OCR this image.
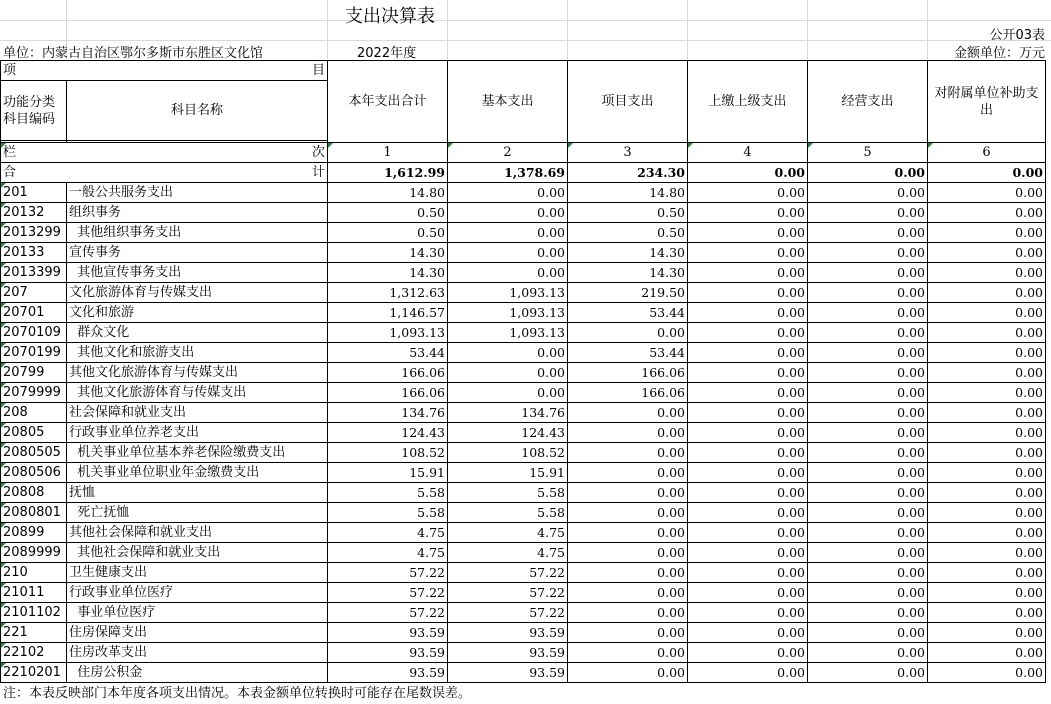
支出决算表
公开03表
单位：内蒙古自治区鄂尔多斯市东胜区文化馆	2022年度	金额单位：万元
项 目		本年支出合计	基本支出	项目支出	上缴上级支出	经营支出	对附属单位补助支出
功能分类科目编码	科目名称						

栏 次		1	2	3	4	5	6

合 计		1,612.99	1,378.69	234.30	0.00	0.00	0.00
201	一般公共服务支出	14.80	0.00	14.80	0.00	0.00	0.00
20132	组织事务	0.50	0.00	0.50	0.00	0.00	0.00
2013299	其他组织事务支出	0.50	0.00	0.50	0.00	0.00	0.00
20133	宣传事务	14.30	0.00	14.30	0.00	0.00	0.00
2013399	其他宣传事务支出	14.30	0.00	14.30	0.00	0.00	0.00
207	文化旅游体育与传媒支出	1,312.63	1,093.13	219.50	0.00	0.00	0.00
20701	文化和旅游	1,146.57	1,093.13	53.44	0.00	0.00	0.00
2070109	群众文化	1,093.13	1,093.13	0.00	0.00	0.00	0.00
2070199	其他文化和旅游支出	53.44	0.00	53.44	0.00	0.00	0.00
20799	其他文化旅游体育与传媒支出	166.06	0.00	166.06	0.00	0.00	0.00
2079999	其他文化旅游体育与传媒支出	166.06	0.00	166.06	0.00	0.00	0.00
208	社会保障和就业支出	134.76	134.76	0.00	0.00	0.00	0.00
20805	行政事业单位养老支出	124.43	124.43	0.00	0.00	0.00	0.00
2080505	机关事业单位基本养老保险缴费支出	108.52	108.52	0.00	0.00	0.00	0.00
2080506	机关事业单位职业年金缴费支出	15.91	15.91	0.00	0.00	0.00	0.00
20808	抚恤	5.58	5.58	0.00	0.00	0.00	0.00
2080801	死亡抚恤	5.58	5.58	0.00	0.00	0.00	0.00
20899	其他社会保障和就业支出	4.75	4.75	0.00	0.00	0.00	0.00
2089999	其他社会保障和就业支出	4.75	4.75	0.00	0.00	0.00	0.00
210	卫生健康支出	57.22	57.22	0.00	0.00	0.00	0.00
21011	行政事业单位医疗	57.22	57.22	0.00	0.00	0.00	0.00
2101102	事业单位医疗	57.22	57.22	0.00	0.00	0.00	0.00
221	住房保障支出	93.59	93.59	0.00	0.00	0.00	0.00
22102	住房改革支出	93.59	93.59	0.00	0.00	0.00	0.00
2210201	住房公积金	93.59	93.59	0.00	0.00	0.00	0.00
注：本表反映部门本年度各项支出情况。本表金额单位转换时可能存在尾数误差。
